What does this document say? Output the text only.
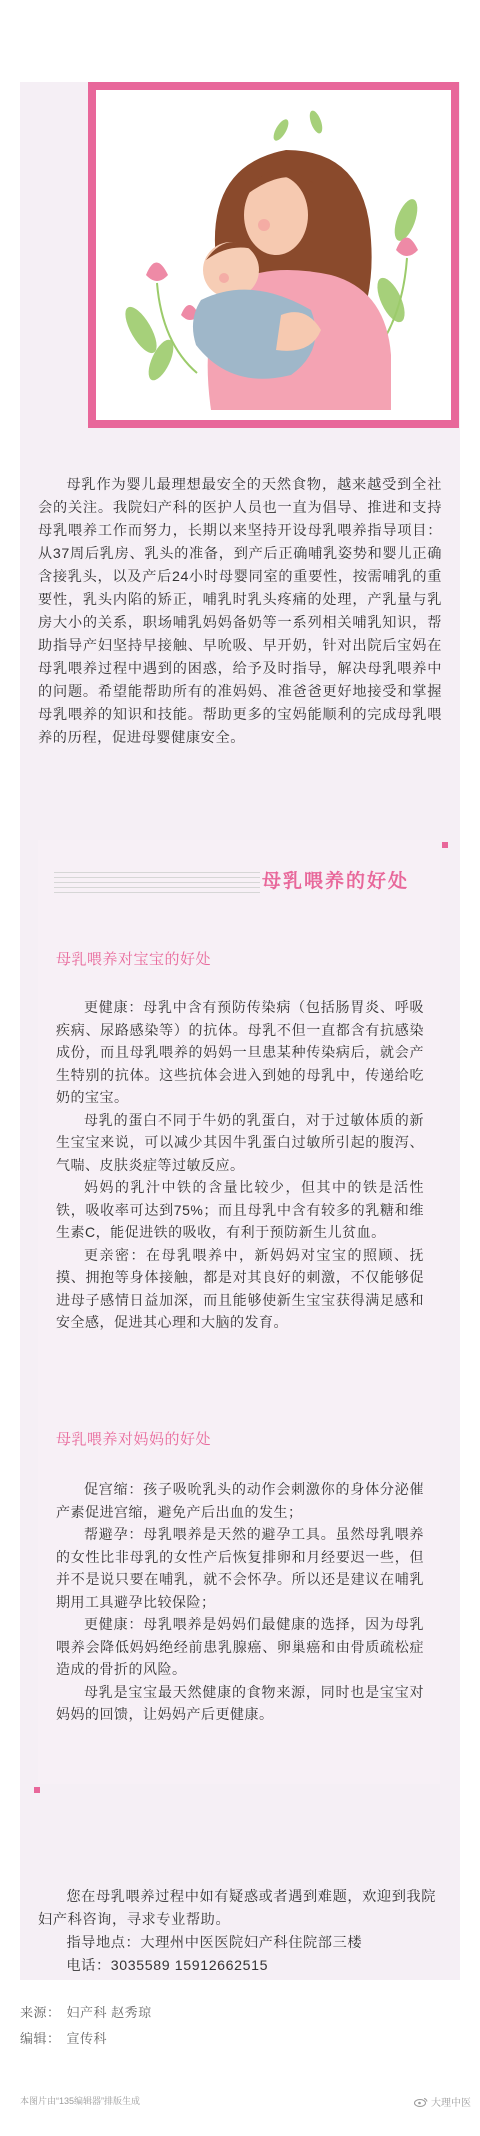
母乳作为婴儿最理想最安全的天然食物，越来越受到全社会的关注。我院妇产科的医护人员也一直为倡导、推进和支持母乳喂养工作而努力，长期以来坚持开设母乳喂养指导项目：从37周后乳房、乳头的准备，到产后正确哺乳姿势和婴儿正确含接乳头，以及产后24小时母婴同室的重要性，按需哺乳的重要性，乳头内陷的矫正，哺乳时乳头疼痛的处理，产乳量与乳房大小的关系，职场哺乳妈妈备奶等一系列相关哺乳知识，帮助指导产妇坚持早接触、早吮吸、早开奶，针对出院后宝妈在母乳喂养过程中遇到的困惑，给予及时指导，解决母乳喂养中的问题。希望能帮助所有的准妈妈、准爸爸更好地接受和掌握母乳喂养的知识和技能。帮助更多的宝妈能顺利的完成母乳喂养的历程，促进母婴健康安全。
母乳喂养的好处
母乳喂养对宝宝的好处

更健康：母乳中含有预防传染病（包括肠胃炎、呼吸疾病、尿路感染等）的抗体。母乳不但一直都含有抗感染成份，而且母乳喂养的妈妈一旦患某种传染病后，就会产生特别的抗体。这些抗体会进入到她的母乳中，传递给吃奶的宝宝。

母乳的蛋白不同于牛奶的乳蛋白，对于过敏体质的新生宝宝来说，可以减少其因牛乳蛋白过敏所引起的腹泻、气喘、皮肤炎症等过敏反应。

妈妈的乳汁中铁的含量比较少，但其中的铁是活性铁，吸收率可达到75%；而且母乳中含有较多的乳糖和维生素C，能促进铁的吸收，有利于预防新生儿贫血。

更亲密：在母乳喂养中，新妈妈对宝宝的照顾、抚摸、拥抱等身体接触，都是对其良好的刺激，不仅能够促进母子感情日益加深，而且能够使新生宝宝获得满足感和安全感，促进其心理和大脑的发育。

母乳喂养对妈妈的好处

促宫缩：孩子吸吮乳头的动作会刺激你的身体分泌催产素促进宫缩，避免产后出血的发生；

帮避孕：母乳喂养是天然的避孕工具。虽然母乳喂养的女性比非母乳的女性产后恢复排卵和月经要迟一些，但并不是说只要在哺乳，就不会怀孕。所以还是建议在哺乳期用工具避孕比较保险；

更健康：母乳喂养是妈妈们最健康的选择，因为母乳喂养会降低妈妈绝经前患乳腺癌、卵巢癌和由骨质疏松症造成的骨折的风险。

母乳是宝宝最天然健康的食物来源，同时也是宝宝对妈妈的回馈，让妈妈产后更健康。

您在母乳喂养过程中如有疑惑或者遇到难题，欢迎到我院妇产科咨询，寻求专业帮助。

指导地点：大理州中医医院妇产科住院部三楼

电话：3035589 15912662515

来源： 妇产科 赵秀琼
编辑： 宣传科
本图片由“135编辑器”排版生成	大理中医
